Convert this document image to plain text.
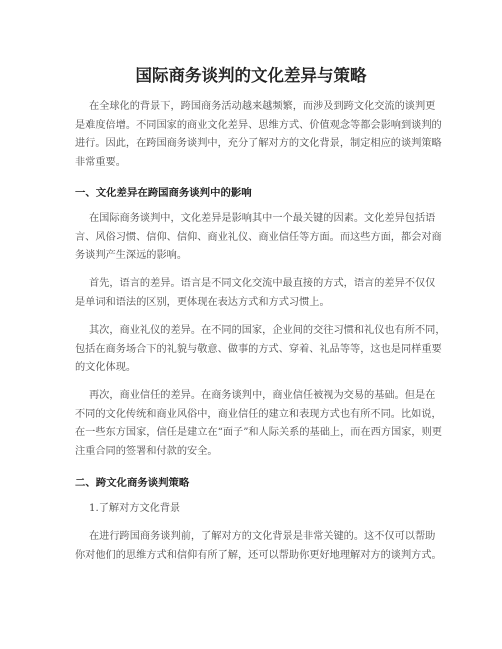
国际商务谈判的文化差异与策略
在全球化的背景下，跨国商务活动越来越频繁，而涉及到跨文化交流的谈判更
是难度倍增。不同国家的商业文化差异、思维方式、价值观念等都会影响到谈判的
进行。因此，在跨国商务谈判中，充分了解对方的文化背景，制定相应的谈判策略
非常重要。
一、文化差异在跨国商务谈判中的影响
在国际商务谈判中，文化差异是影响其中一个最关键的因素。文化差异包括语
言、风俗习惯、信仰、信仰、商业礼仪、商业信任等方面。而这些方面，都会对商
务谈判产生深远的影响。
首先，语言的差异。语言是不同文化交流中最直接的方式，语言的差异不仅仅
是单词和语法的区别，更体现在表达方式和方式习惯上。
其次，商业礼仪的差异。在不同的国家，企业间的交往习惯和礼仪也有所不同，
包括在商务场合下的礼貌与敬意、做事的方式、穿着、礼品等等，这也是同样重要
的文化体现。
再次，商业信任的差异。在商务谈判中，商业信任被视为交易的基础。但是在
不同的文化传统和商业风俗中，商业信任的建立和表现方式也有所不同。比如说，
在一些东方国家，信任是建立在“面子”和人际关系的基础上，而在西方国家，则更
注重合同的签署和付款的安全。
二、跨文化商务谈判策略
1.了解对方文化背景
在进行跨国商务谈判前，了解对方的文化背景是非常关键的。这不仅可以帮助
你对他们的思维方式和信仰有所了解，还可以帮助你更好地理解对方的谈判方式。
